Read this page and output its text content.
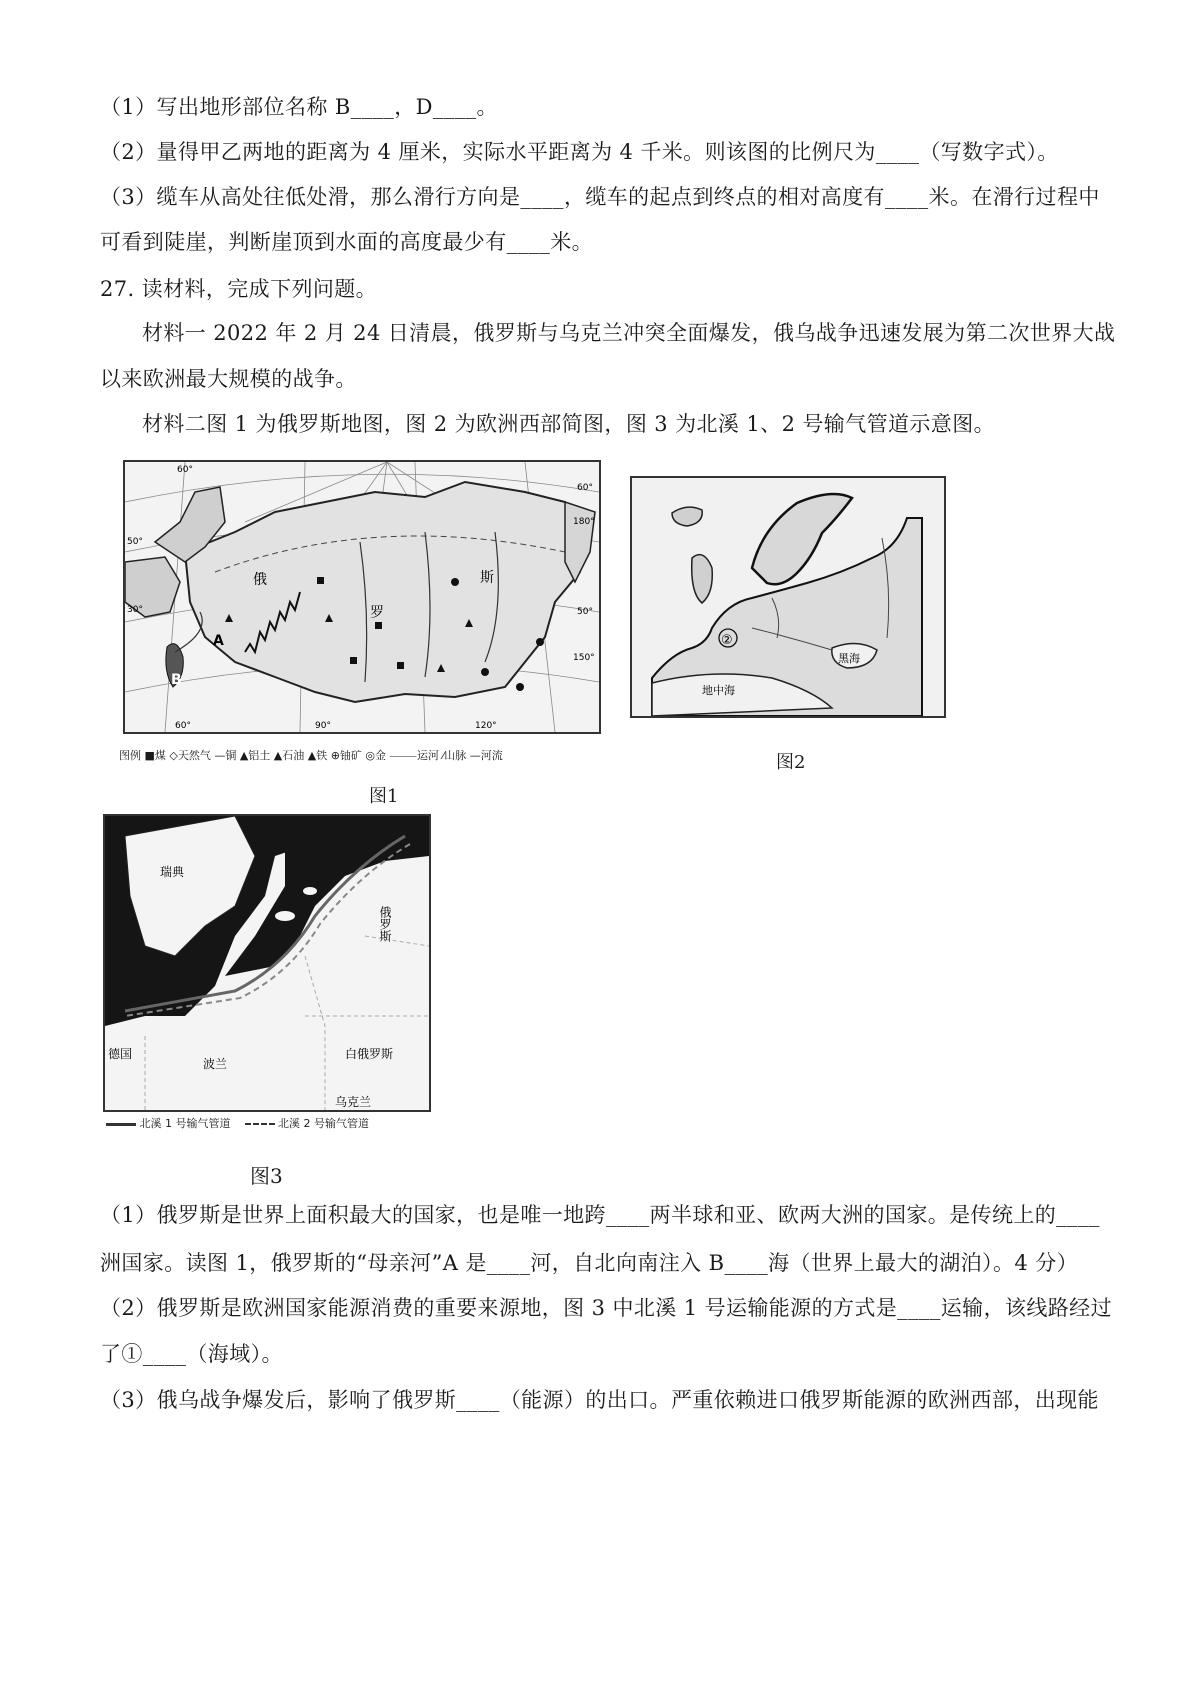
（1）写出地形部位名称 B____，D____。
（2）量得甲乙两地的距离为 4 厘米，实际水平距离为 4 千米。则该图的比例尺为____（写数字式）。
（3）缆车从高处往低处滑，那么滑行方向是____，缆车的起点到终点的相对高度有____米。在滑行过程中
可看到陡崖，判断崖顶到水面的高度最少有____米。
27. 读材料，完成下列问题。
材料一 2022 年 2 月 24 日清晨，俄罗斯与乌克兰冲突全面爆发，俄乌战争迅速发展为第二次世界大战
以来欧洲最大规模的战争。
材料二图 1 为俄罗斯地图，图 2 为欧洲西部简图，图 3 为北溪 1、2 号输气管道示意图。
A
B
俄
罗
斯
60°
50°
30°
60°
180°
50°
150°
60°	90°	120°
图例 ■煤 ◇天然气 —铜 ▲铝土 ▲石油 ▲铁 ⊕铀矿 ◎金 ⸻运河 ⁄山脉 —河流
图1
②
地中海
黑海
图2
瑞典
俄罗斯
德国
波兰
白俄罗斯
乌克兰
北溪 1 号输气管道	北溪 2 号输气管道
图3
（1）俄罗斯是世界上面积最大的国家，也是唯一地跨____两半球和亚、欧两大洲的国家。是传统上的____
洲国家。读图 1，俄罗斯的“母亲河”A 是____河，自北向南注入 B____海（世界上最大的湖泊）。4 分）
（2）俄罗斯是欧洲国家能源消费的重要来源地，图 3 中北溪 1 号运输能源的方式是____运输，该线路经过
了①____（海域）。
（3）俄乌战争爆发后，影响了俄罗斯____（能源）的出口。严重依赖进口俄罗斯能源的欧洲西部，出现能
